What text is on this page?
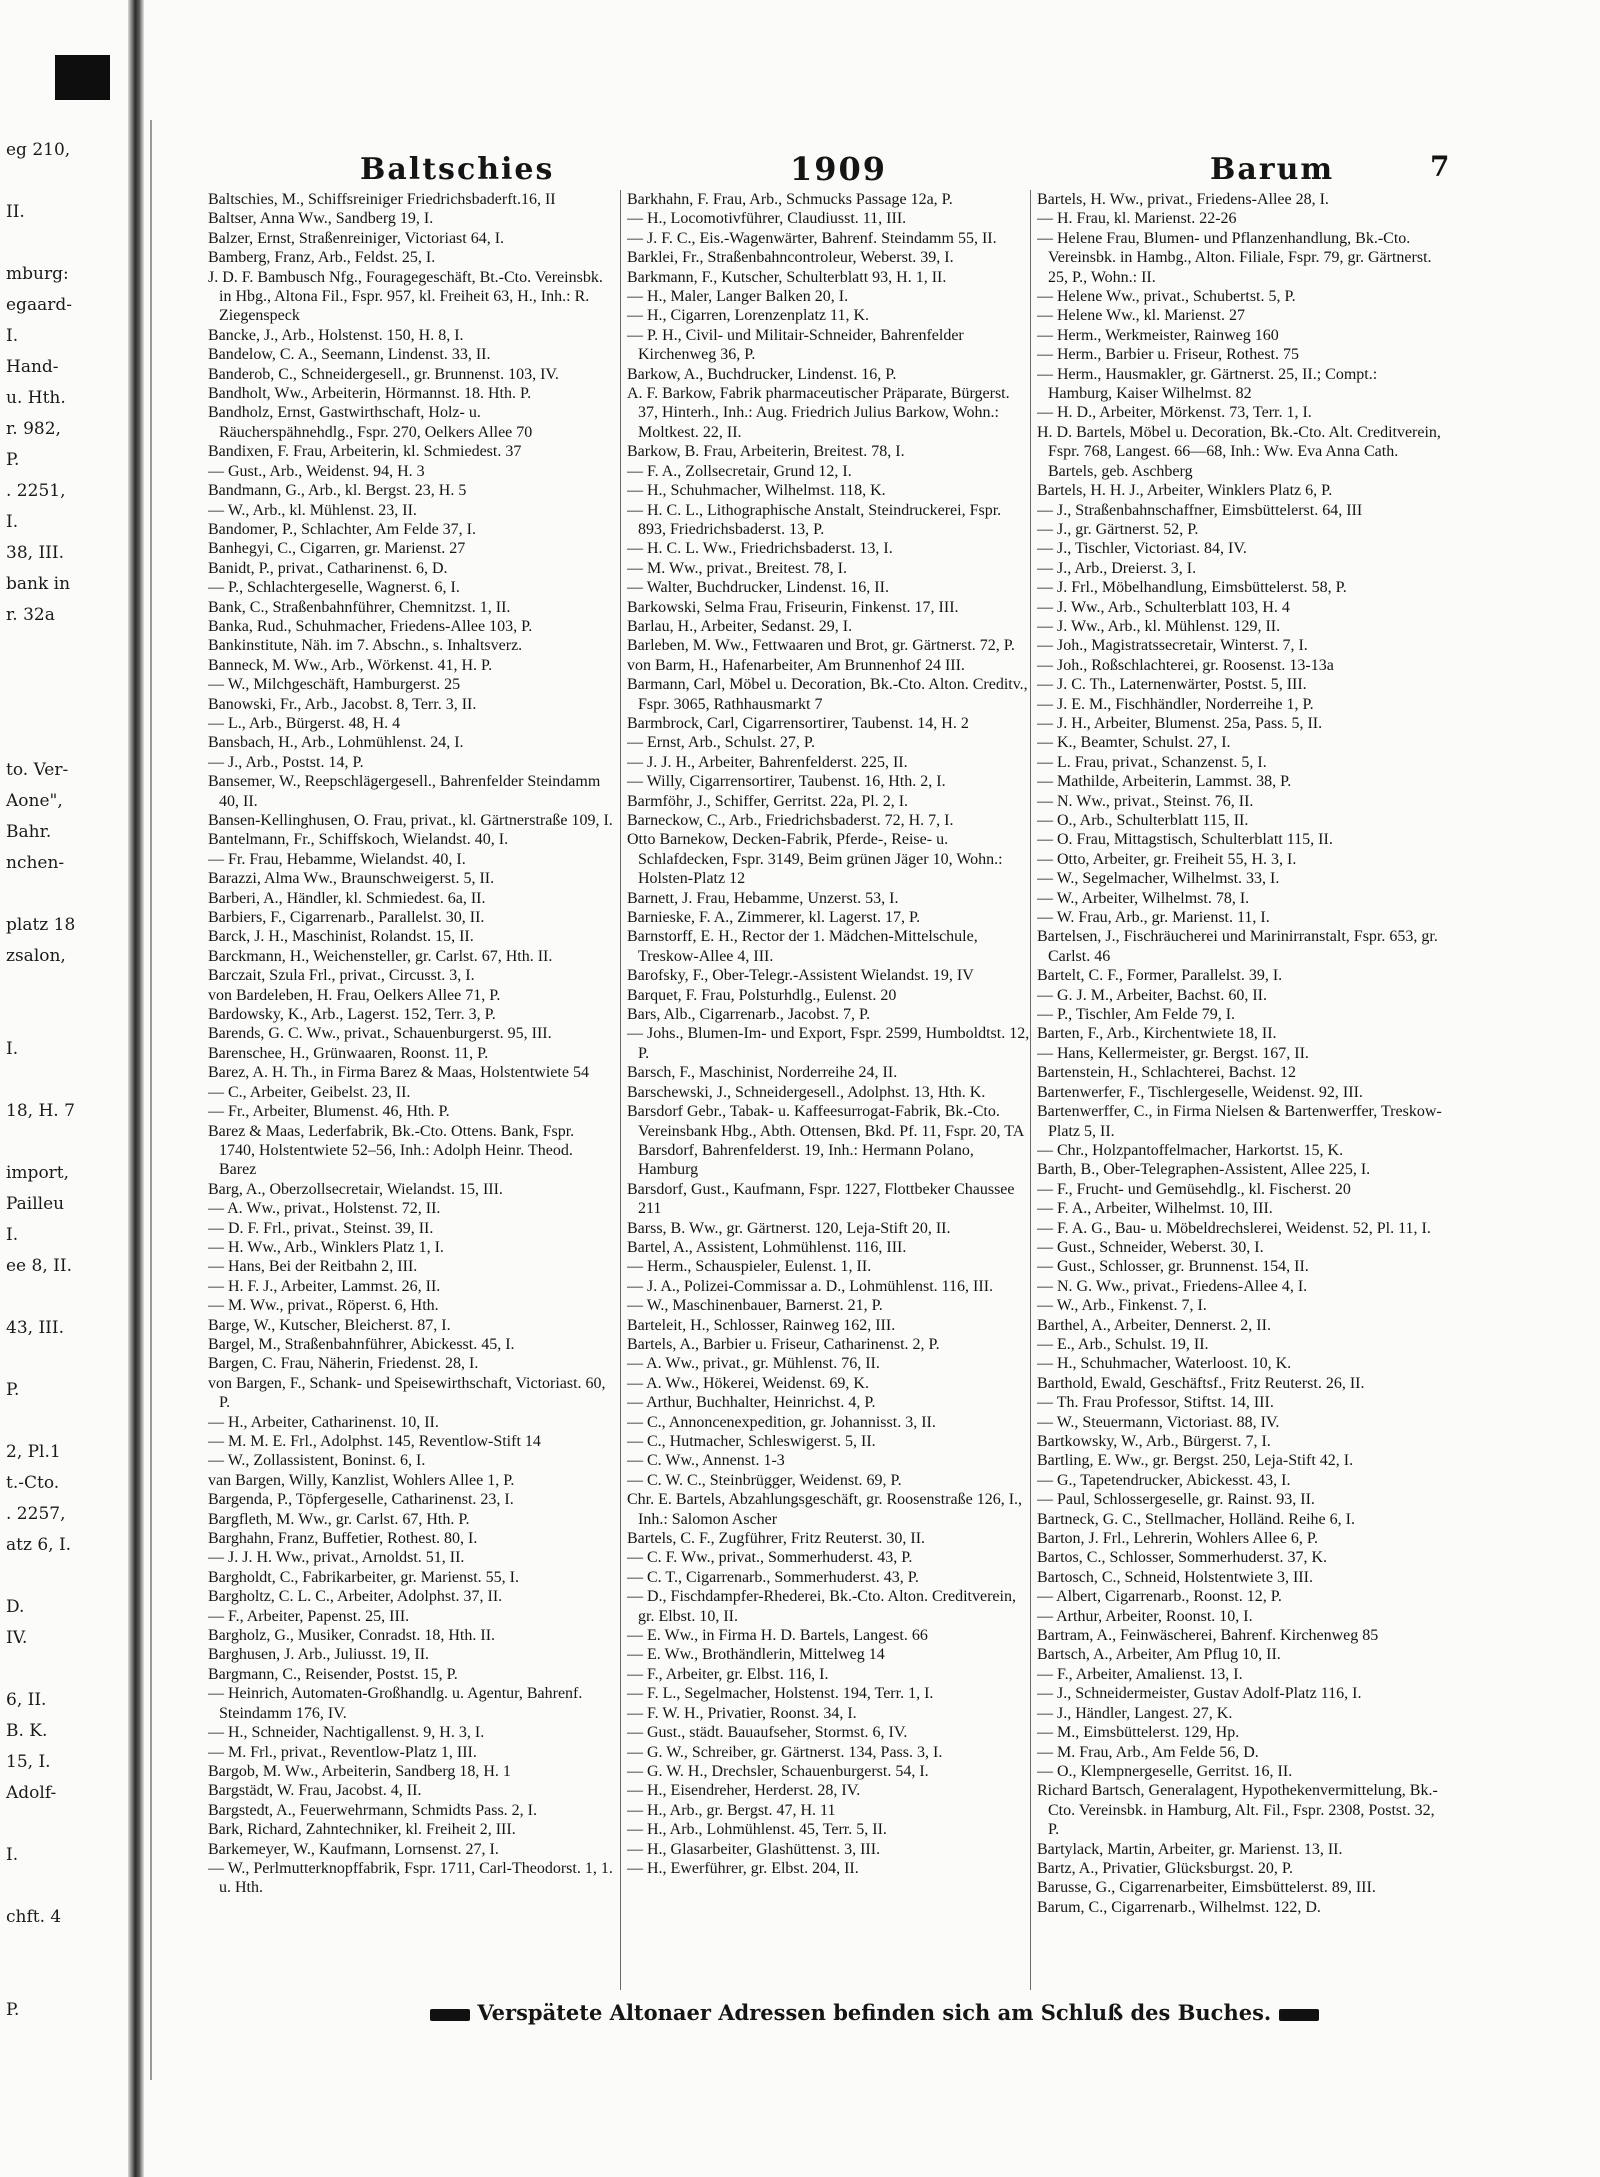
eg 210,
II.
mburg:
egaard-
I.
Hand-
u. Hth.
r. 982,
P.
. 2251,
I.
38, III.
bank in
r. 32a
to. Ver-
Aone",
Bahr.
nchen-
platz 18
zsalon,
I.
18, H. 7
import,
Pailleu
I.
ee 8, II.
43, III.
P.
2, Pl.1
t.-Cto.
. 2257,
atz 6, I.
D.
IV.
6, II.
B. K.
15, I.
Adolf-
I.
chft. 4
P.
Baltschies	1909	Barum	7
Baltschies, M., Schiffsreiniger Friedrichsbaderft.16, II
Baltser, Anna Ww., Sandberg 19, I.
Balzer, Ernst, Straßenreiniger, Victoriast 64, I.
Bamberg, Franz, Arb., Feldst. 25, I.
J. D. F. Bambusch Nfg., Fouragegeschäft, Bt.-Cto. Vereinsbk. in Hbg., Altona Fil., Fspr. 957, kl. Freiheit 63, H., Inh.: R. Ziegenspeck
Bancke, J., Arb., Holstenst. 150, H. 8, I.
Bandelow, C. A., Seemann, Lindenst. 33, II.
Banderob, C., Schneidergesell., gr. Brunnenst. 103, IV.
Bandholt, Ww., Arbeiterin, Hörmannst. 18. Hth. P.
Bandholz, Ernst, Gastwirthschaft, Holz- u. Räucherspähnehdlg., Fspr. 270, Oelkers Allee 70
Bandixen, F. Frau, Arbeiterin, kl. Schmiedest. 37
— Gust., Arb., Weidenst. 94, H. 3
Bandmann, G., Arb., kl. Bergst. 23, H. 5
— W., Arb., kl. Mühlenst. 23, II.
Bandomer, P., Schlachter, Am Felde 37, I.
Banhegyi, C., Cigarren, gr. Marienst. 27
Banidt, P., privat., Catharinenst. 6, D.
— P., Schlachtergeselle, Wagnerst. 6, I.
Bank, C., Straßenbahnführer, Chemnitzst. 1, II.
Banka, Rud., Schuhmacher, Friedens-Allee 103, P.
Bankinstitute, Näh. im 7. Abschn., s. Inhaltsverz.
Banneck, M. Ww., Arb., Wörkenst. 41, H. P.
— W., Milchgeschäft, Hamburgerst. 25
Banowski, Fr., Arb., Jacobst. 8, Terr. 3, II.
— L., Arb., Bürgerst. 48, H. 4
Bansbach, H., Arb., Lohmühlenst. 24, I.
— J., Arb., Postst. 14, P.
Bansemer, W., Reepschlägergesell., Bahrenfelder Steindamm 40, II.
Bansen-Kellinghusen, O. Frau, privat., kl. Gärtnerstraße 109, I.
Bantelmann, Fr., Schiffskoch, Wielandst. 40, I.
— Fr. Frau, Hebamme, Wielandst. 40, I.
Barazzi, Alma Ww., Braunschweigerst. 5, II.
Barberi, A., Händler, kl. Schmiedest. 6a, II.
Barbiers, F., Cigarrenarb., Parallelst. 30, II.
Barck, J. H., Maschinist, Rolandst. 15, II.
Barckmann, H., Weichensteller, gr. Carlst. 67, Hth. II.
Barczait, Szula Frl., privat., Circusst. 3, I.
von Bardeleben, H. Frau, Oelkers Allee 71, P.
Bardowsky, K., Arb., Lagerst. 152, Terr. 3, P.
Barends, G. C. Ww., privat., Schauenburgerst. 95, III.
Barenschee, H., Grünwaaren, Roonst. 11, P.
Barez, A. H. Th., in Firma Barez & Maas, Holstentwiete 54
— C., Arbeiter, Geibelst. 23, II.
— Fr., Arbeiter, Blumenst. 46, Hth. P.
Barez & Maas, Lederfabrik, Bk.-Cto. Ottens. Bank, Fspr. 1740, Holstentwiete 52–56, Inh.: Adolph Heinr. Theod. Barez
Barg, A., Oberzollsecretair, Wielandst. 15, III.
— A. Ww., privat., Holstenst. 72, II.
— D. F. Frl., privat., Steinst. 39, II.
— H. Ww., Arb., Winklers Platz 1, I.
— Hans, Bei der Reitbahn 2, III.
— H. F. J., Arbeiter, Lammst. 26, II.
— M. Ww., privat., Röperst. 6, Hth.
Barge, W., Kutscher, Bleicherst. 87, I.
Bargel, M., Straßenbahnführer, Abickesst. 45, I.
Bargen, C. Frau, Näherin, Friedenst. 28, I.
von Bargen, F., Schank- und Speisewirthschaft, Victoriast. 60, P.
— H., Arbeiter, Catharinenst. 10, II.
— M. M. E. Frl., Adolphst. 145, Reventlow-Stift 14
— W., Zollassistent, Boninst. 6, I.
van Bargen, Willy, Kanzlist, Wohlers Allee 1, P.
Bargenda, P., Töpfergeselle, Catharinenst. 23, I.
Bargfleth, M. Ww., gr. Carlst. 67, Hth. P.
Barghahn, Franz, Buffetier, Rothest. 80, I.
— J. J. H. Ww., privat., Arnoldst. 51, II.
Bargholdt, C., Fabrikarbeiter, gr. Marienst. 55, I.
Bargholtz, C. L. C., Arbeiter, Adolphst. 37, II.
— F., Arbeiter, Papenst. 25, III.
Bargholz, G., Musiker, Conradst. 18, Hth. II.
Barghusen, J. Arb., Juliusst. 19, II.
Bargmann, C., Reisender, Postst. 15, P.
— Heinrich, Automaten-Großhandlg. u. Agentur, Bahrenf. Steindamm 176, IV.
— H., Schneider, Nachtigallenst. 9, H. 3, I.
— M. Frl., privat., Reventlow-Platz 1, III.
Bargob, M. Ww., Arbeiterin, Sandberg 18, H. 1
Bargstädt, W. Frau, Jacobst. 4, II.
Bargstedt, A., Feuerwehrmann, Schmidts Pass. 2, I.
Bark, Richard, Zahntechniker, kl. Freiheit 2, III.
Barkemeyer, W., Kaufmann, Lornsenst. 27, I.
— W., Perlmutterknopffabrik, Fspr. 1711, Carl-Theodorst. 1, 1. u. Hth.
Barkhahn, F. Frau, Arb., Schmucks Passage 12a, P.
— H., Locomotivführer, Claudiusst. 11, III.
— J. F. C., Eis.-Wagenwärter, Bahrenf. Steindamm 55, II.
Barklei, Fr., Straßenbahncontroleur, Weberst. 39, I.
Barkmann, F., Kutscher, Schulterblatt 93, H. 1, II.
— H., Maler, Langer Balken 20, I.
— H., Cigarren, Lorenzenplatz 11, K.
— P. H., Civil- und Militair-Schneider, Bahrenfelder Kirchenweg 36, P.
Barkow, A., Buchdrucker, Lindenst. 16, P.
A. F. Barkow, Fabrik pharmaceutischer Präparate, Bürgerst. 37, Hinterh., Inh.: Aug. Friedrich Julius Barkow, Wohn.: Moltkest. 22, II.
Barkow, B. Frau, Arbeiterin, Breitest. 78, I.
— F. A., Zollsecretair, Grund 12, I.
— H., Schuhmacher, Wilhelmst. 118, K.
— H. C. L., Lithographische Anstalt, Steindruckerei, Fspr. 893, Friedrichsbaderst. 13, P.
— H. C. L. Ww., Friedrichsbaderst. 13, I.
— M. Ww., privat., Breitest. 78, I.
— Walter, Buchdrucker, Lindenst. 16, II.
Barkowski, Selma Frau, Friseurin, Finkenst. 17, III.
Barlau, H., Arbeiter, Sedanst. 29, I.
Barleben, M. Ww., Fettwaaren und Brot, gr. Gärtnerst. 72, P.
von Barm, H., Hafenarbeiter, Am Brunnenhof 24 III.
Barmann, Carl, Möbel u. Decoration, Bk.-Cto. Alton. Creditv., Fspr. 3065, Rathhausmarkt 7
Barmbrock, Carl, Cigarrensortirer, Taubenst. 14, H. 2
— Ernst, Arb., Schulst. 27, P.
— J. J. H., Arbeiter, Bahrenfelderst. 225, II.
— Willy, Cigarrensortirer, Taubenst. 16, Hth. 2, I.
Barmföhr, J., Schiffer, Gerritst. 22a, Pl. 2, I.
Barneckow, C., Arb., Friedrichsbaderst. 72, H. 7, I.
Otto Barnekow, Decken-Fabrik, Pferde-, Reise- u. Schlafdecken, Fspr. 3149, Beim grünen Jäger 10, Wohn.: Holsten-Platz 12
Barnett, J. Frau, Hebamme, Unzerst. 53, I.
Barnieske, F. A., Zimmerer, kl. Lagerst. 17, P.
Barnstorff, E. H., Rector der 1. Mädchen-Mittelschule, Treskow-Allee 4, III.
Barofsky, F., Ober-Telegr.-Assistent Wielandst. 19, IV
Barquet, F. Frau, Polsturhdlg., Eulenst. 20
Bars, Alb., Cigarrenarb., Jacobst. 7, P.
— Johs., Blumen-Im- und Export, Fspr. 2599, Humboldtst. 12, P.
Barsch, F., Maschinist, Norderreihe 24, II.
Barschewski, J., Schneidergesell., Adolphst. 13, Hth. K.
Barsdorf Gebr., Tabak- u. Kaffeesurrogat-Fabrik, Bk.-Cto. Vereinsbank Hbg., Abth. Ottensen, Bkd. Pf. 11, Fspr. 20, TA Barsdorf, Bahrenfelderst. 19, Inh.: Hermann Polano, Hamburg
Barsdorf, Gust., Kaufmann, Fspr. 1227, Flottbeker Chaussee 211
Barss, B. Ww., gr. Gärtnerst. 120, Leja-Stift 20, II.
Bartel, A., Assistent, Lohmühlenst. 116, III.
— Herm., Schauspieler, Eulenst. 1, II.
— J. A., Polizei-Commissar a. D., Lohmühlenst. 116, III.
— W., Maschinenbauer, Barnerst. 21, P.
Barteleit, H., Schlosser, Rainweg 162, III.
Bartels, A., Barbier u. Friseur, Catharinenst. 2, P.
— A. Ww., privat., gr. Mühlenst. 76, II.
— A. Ww., Hökerei, Weidenst. 69, K.
— Arthur, Buchhalter, Heinrichst. 4, P.
— C., Annoncenexpedition, gr. Johannisst. 3, II.
— C., Hutmacher, Schleswigerst. 5, II.
— C. Ww., Annenst. 1-3
— C. W. C., Steinbrügger, Weidenst. 69, P.
Chr. E. Bartels, Abzahlungsgeschäft, gr. Roosenstraße 126, I., Inh.: Salomon Ascher
Bartels, C. F., Zugführer, Fritz Reuterst. 30, II.
— C. F. Ww., privat., Sommerhuderst. 43, P.
— C. T., Cigarrenarb., Sommerhuderst. 43, P.
— D., Fischdampfer-Rhederei, Bk.-Cto. Alton. Creditverein, gr. Elbst. 10, II.
— E. Ww., in Firma H. D. Bartels, Langest. 66
— E. Ww., Brothändlerin, Mittelweg 14
— F., Arbeiter, gr. Elbst. 116, I.
— F. L., Segelmacher, Holstenst. 194, Terr. 1, I.
— F. W. H., Privatier, Roonst. 34, I.
— Gust., städt. Bauaufseher, Stormst. 6, IV.
— G. W., Schreiber, gr. Gärtnerst. 134, Pass. 3, I.
— G. W. H., Drechsler, Schauenburgerst. 54, I.
— H., Eisendreher, Herderst. 28, IV.
— H., Arb., gr. Bergst. 47, H. 11
— H., Arb., Lohmühlenst. 45, Terr. 5, II.
— H., Glasarbeiter, Glashüttenst. 3, III.
— H., Ewerführer, gr. Elbst. 204, II.
Bartels, H. Ww., privat., Friedens-Allee 28, I.
— H. Frau, kl. Marienst. 22-26
— Helene Frau, Blumen- und Pflanzenhandlung, Bk.-Cto. Vereinsbk. in Hambg., Alton. Filiale, Fspr. 79, gr. Gärtnerst. 25, P., Wohn.: II.
— Helene Ww., privat., Schubertst. 5, P.
— Helene Ww., kl. Marienst. 27
— Herm., Werkmeister, Rainweg 160
— Herm., Barbier u. Friseur, Rothest. 75
— Herm., Hausmakler, gr. Gärtnerst. 25, II.; Compt.: Hamburg, Kaiser Wilhelmst. 82
— H. D., Arbeiter, Mörkenst. 73, Terr. 1, I.
H. D. Bartels, Möbel u. Decoration, Bk.-Cto. Alt. Creditverein, Fspr. 768, Langest. 66—68, Inh.: Ww. Eva Anna Cath. Bartels, geb. Aschberg
Bartels, H. H. J., Arbeiter, Winklers Platz 6, P.
— J., Straßenbahnschaffner, Eimsbüttelerst. 64, III
— J., gr. Gärtnerst. 52, P.
— J., Tischler, Victoriast. 84, IV.
— J., Arb., Dreierst. 3, I.
— J. Frl., Möbelhandlung, Eimsbüttelerst. 58, P.
— J. Ww., Arb., Schulterblatt 103, H. 4
— J. Ww., Arb., kl. Mühlenst. 129, II.
— Joh., Magistratssecretair, Winterst. 7, I.
— Joh., Roßschlachterei, gr. Roosenst. 13-13a
— J. C. Th., Laternenwärter, Postst. 5, III.
— J. E. M., Fischhändler, Norderreihe 1, P.
— J. H., Arbeiter, Blumenst. 25a, Pass. 5, II.
— K., Beamter, Schulst. 27, I.
— L. Frau, privat., Schanzenst. 5, I.
— Mathilde, Arbeiterin, Lammst. 38, P.
— N. Ww., privat., Steinst. 76, II.
— O., Arb., Schulterblatt 115, II.
— O. Frau, Mittagstisch, Schulterblatt 115, II.
— Otto, Arbeiter, gr. Freiheit 55, H. 3, I.
— W., Segelmacher, Wilhelmst. 33, I.
— W., Arbeiter, Wilhelmst. 78, I.
— W. Frau, Arb., gr. Marienst. 11, I.
Bartelsen, J., Fischräucherei und Marinirranstalt, Fspr. 653, gr. Carlst. 46
Bartelt, C. F., Former, Parallelst. 39, I.
— G. J. M., Arbeiter, Bachst. 60, II.
— P., Tischler, Am Felde 79, I.
Barten, F., Arb., Kirchentwiete 18, II.
— Hans, Kellermeister, gr. Bergst. 167, II.
Bartenstein, H., Schlachterei, Bachst. 12
Bartenwerfer, F., Tischlergeselle, Weidenst. 92, III.
Bartenwerffer, C., in Firma Nielsen & Bartenwerffer, Treskow-Platz 5, II.
— Chr., Holzpantoffelmacher, Harkortst. 15, K.
Barth, B., Ober-Telegraphen-Assistent, Allee 225, I.
— F., Frucht- und Gemüsehdlg., kl. Fischerst. 20
— F. A., Arbeiter, Wilhelmst. 10, III.
— F. A. G., Bau- u. Möbeldrechslerei, Weidenst. 52, Pl. 11, I.
— Gust., Schneider, Weberst. 30, I.
— Gust., Schlosser, gr. Brunnenst. 154, II.
— N. G. Ww., privat., Friedens-Allee 4, I.
— W., Arb., Finkenst. 7, I.
Barthel, A., Arbeiter, Dennerst. 2, II.
— E., Arb., Schulst. 19, II.
— H., Schuhmacher, Waterloost. 10, K.
Barthold, Ewald, Geschäftsf., Fritz Reuterst. 26, II.
— Th. Frau Professor, Stiftst. 14, III.
— W., Steuermann, Victoriast. 88, IV.
Bartkowsky, W., Arb., Bürgerst. 7, I.
Bartling, E. Ww., gr. Bergst. 250, Leja-Stift 42, I.
— G., Tapetendrucker, Abickesst. 43, I.
— Paul, Schlossergeselle, gr. Rainst. 93, II.
Bartneck, G. C., Stellmacher, Holländ. Reihe 6, I.
Barton, J. Frl., Lehrerin, Wohlers Allee 6, P.
Bartos, C., Schlosser, Sommerhuderst. 37, K.
Bartosch, C., Schneid, Holstentwiete 3, III.
— Albert, Cigarrenarb., Roonst. 12, P.
— Arthur, Arbeiter, Roonst. 10, I.
Bartram, A., Feinwäscherei, Bahrenf. Kirchenweg 85
Bartsch, A., Arbeiter, Am Pflug 10, II.
— F., Arbeiter, Amalienst. 13, I.
— J., Schneidermeister, Gustav Adolf-Platz 116, I.
— J., Händler, Langest. 27, K.
— M., Eimsbüttelerst. 129, Hp.
— M. Frau, Arb., Am Felde 56, D.
— O., Klempnergeselle, Gerritst. 16, II.
Richard Bartsch, Generalagent, Hypothekenvermittelung, Bk.-Cto. Vereinsbk. in Hamburg, Alt. Fil., Fspr. 2308, Postst. 32, P.
Bartylack, Martin, Arbeiter, gr. Marienst. 13, II.
Bartz, A., Privatier, Glücksburgst. 20, P.
Barusse, G., Cigarrenarbeiter, Eimsbüttelerst. 89, III.
Barum, C., Cigarrenarb., Wilhelmst. 122, D.
Verspätete Altonaer Adressen befinden sich am Schluß des Buches.
